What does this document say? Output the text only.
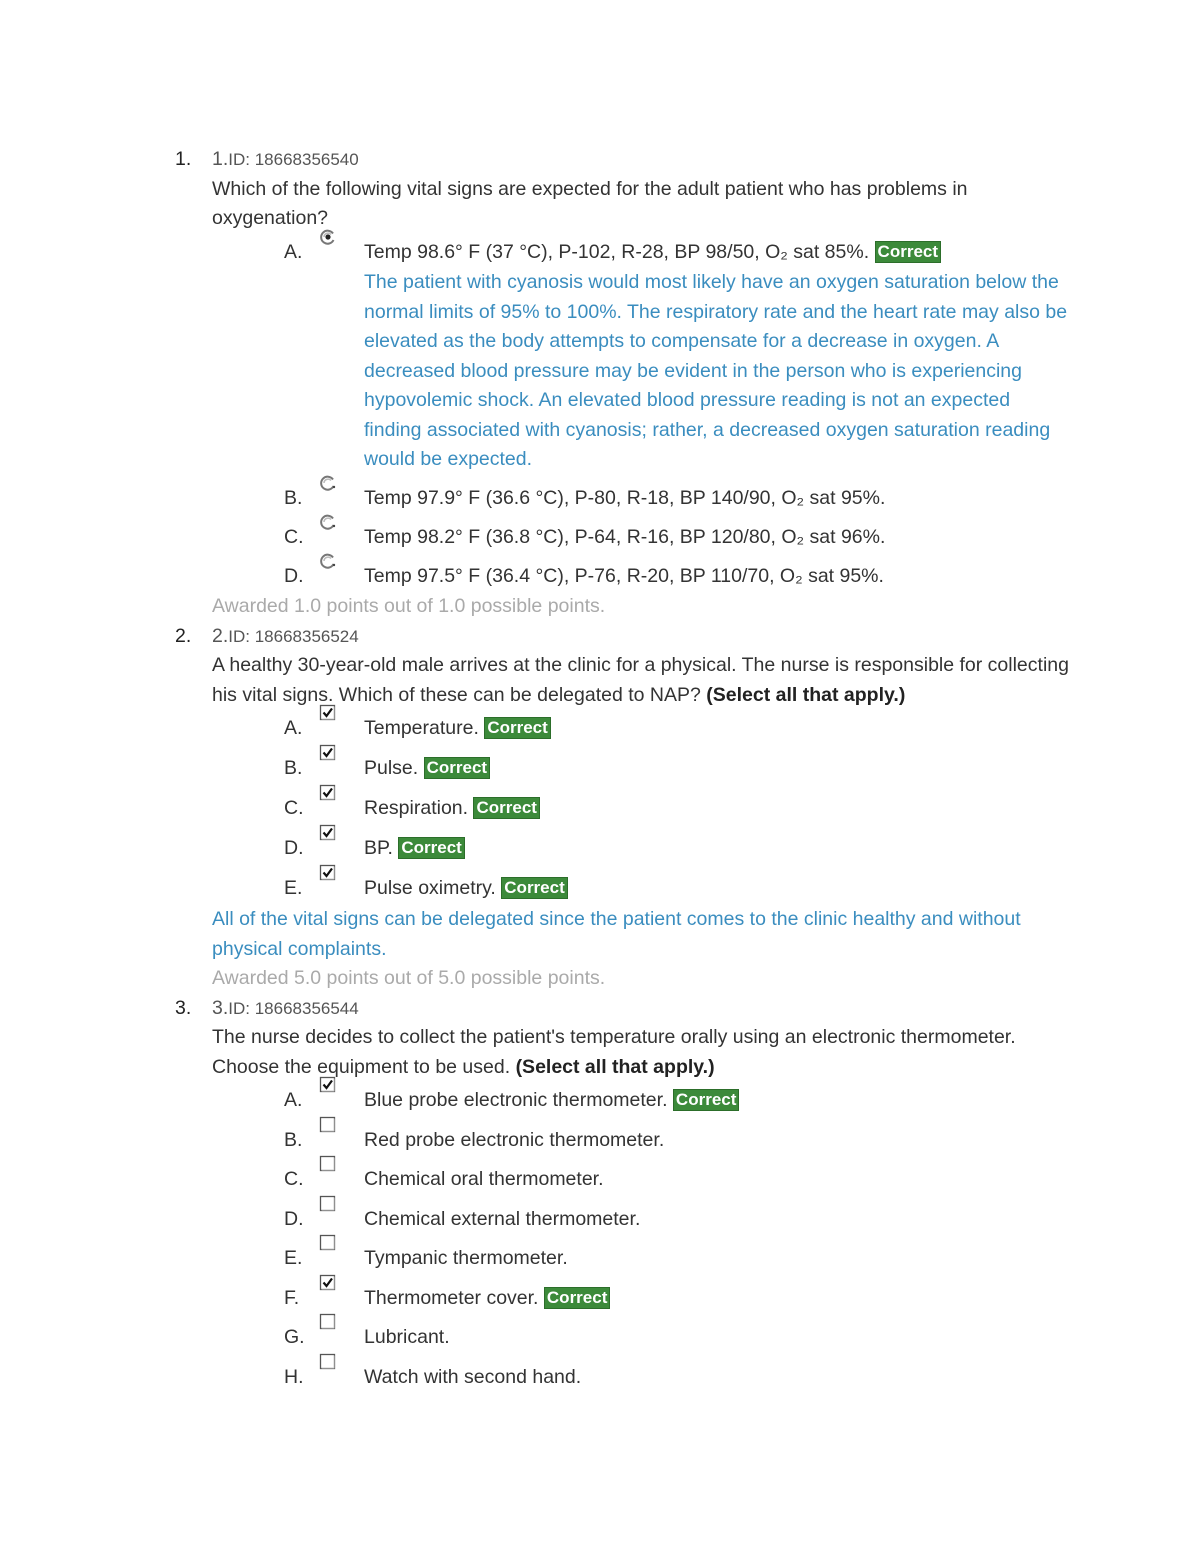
1.	1.ID: 18668356540
Which of the following vital signs are expected for the adult patient who has problems in oxygenation?
A.	Temp 98.6° F (37 °C), P-102, R-28, BP 98/50, O₂ sat 85%. Correct
The patient with cyanosis would most likely have an oxygen saturation below the normal limits of 95% to 100%. The respiratory rate and the heart rate may also be elevated as the body attempts to compensate for a decrease in oxygen. A decreased blood pressure may be evident in the person who is experiencing hypovolemic shock. An elevated blood pressure reading is not an expected finding associated with cyanosis; rather, a decreased oxygen saturation reading would be expected.
B.	Temp 97.9° F (36.6 °C), P-80, R-18, BP 140/90, O₂ sat 95%.
C.	Temp 98.2° F (36.8 °C), P-64, R-16, BP 120/80, O₂ sat 96%.
D.	Temp 97.5° F (36.4 °C), P-76, R-20, BP 110/70, O₂ sat 95%.
Awarded 1.0 points out of 1.0 possible points.
2.	2.ID: 18668356524
A healthy 30-year-old male arrives at the clinic for a physical. The nurse is responsible for collecting his vital signs. Which of these can be delegated to NAP? (Select all that apply.)
A.	Temperature. Correct
B.	Pulse. Correct
C.	Respiration. Correct
D.	BP. Correct
E.	Pulse oximetry. Correct
All of the vital signs can be delegated since the patient comes to the clinic healthy and without physical complaints.
Awarded 5.0 points out of 5.0 possible points.
3.	3.ID: 18668356544
The nurse decides to collect the patient's temperature orally using an electronic thermometer. Choose the equipment to be used. (Select all that apply.)
A.	Blue probe electronic thermometer. Correct
B.	Red probe electronic thermometer.
C.	Chemical oral thermometer.
D.	Chemical external thermometer.
E.	Tympanic thermometer.
F.	Thermometer cover. Correct
G.	Lubricant.
H.	Watch with second hand.
